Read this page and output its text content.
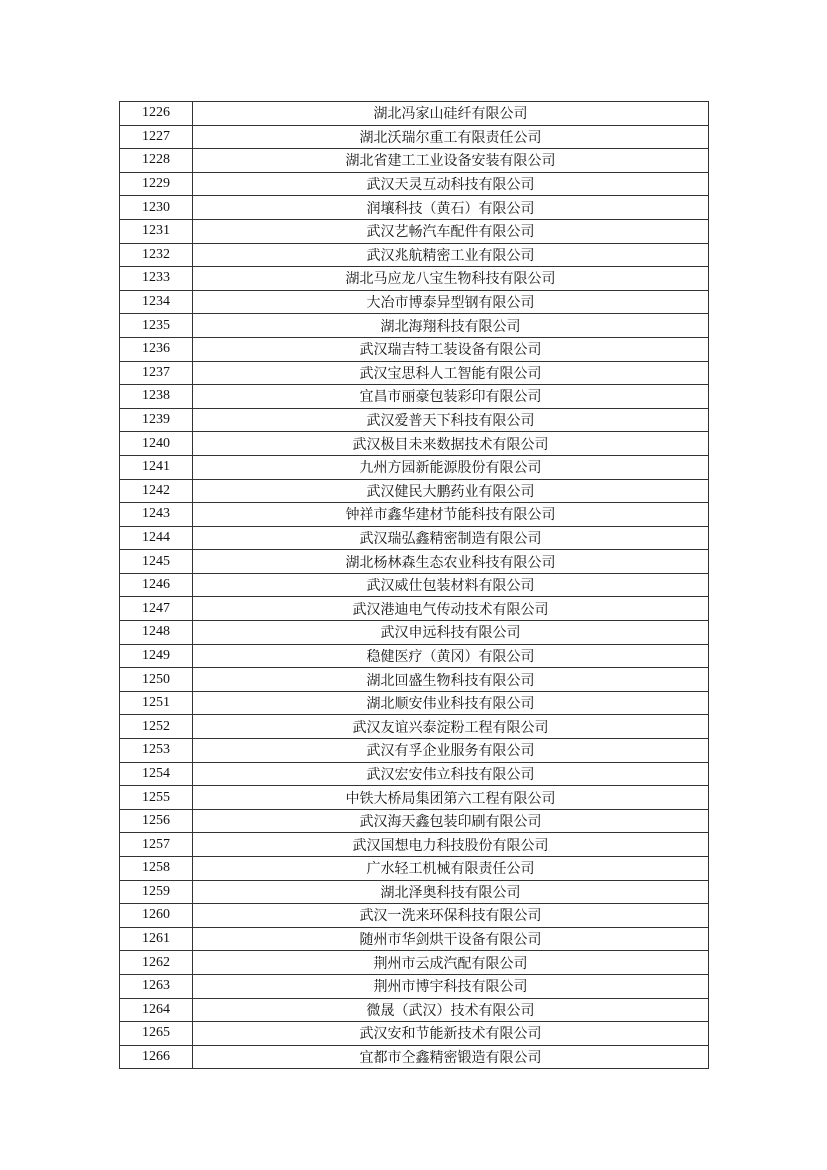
1226	湖北冯家山硅纤有限公司
1227	湖北沃瑞尔重工有限责任公司
1228	湖北省建工工业设备安装有限公司
1229	武汉天灵互动科技有限公司
1230	润壤科技（黄石）有限公司
1231	武汉艺畅汽车配件有限公司
1232	武汉兆航精密工业有限公司
1233	湖北马应龙八宝生物科技有限公司
1234	大冶市博泰异型钢有限公司
1235	湖北海翔科技有限公司
1236	武汉瑞吉特工装设备有限公司
1237	武汉宝思科人工智能有限公司
1238	宜昌市丽豪包装彩印有限公司
1239	武汉爱普天下科技有限公司
1240	武汉极目未来数据技术有限公司
1241	九州方园新能源股份有限公司
1242	武汉健民大鹏药业有限公司
1243	钟祥市鑫华建材节能科技有限公司
1244	武汉瑞弘鑫精密制造有限公司
1245	湖北杨林森生态农业科技有限公司
1246	武汉威仕包装材料有限公司
1247	武汉港迪电气传动技术有限公司
1248	武汉申远科技有限公司
1249	稳健医疗（黄冈）有限公司
1250	湖北回盛生物科技有限公司
1251	湖北顺安伟业科技有限公司
1252	武汉友谊兴泰淀粉工程有限公司
1253	武汉有孚企业服务有限公司
1254	武汉宏安伟立科技有限公司
1255	中铁大桥局集团第六工程有限公司
1256	武汉海天鑫包装印刷有限公司
1257	武汉国想电力科技股份有限公司
1258	广水轻工机械有限责任公司
1259	湖北泽奥科技有限公司
1260	武汉一洗来环保科技有限公司
1261	随州市华剑烘干设备有限公司
1262	荆州市云成汽配有限公司
1263	荆州市博宇科技有限公司
1264	微晟（武汉）技术有限公司
1265	武汉安和节能新技术有限公司
1266	宜都市仝鑫精密锻造有限公司
